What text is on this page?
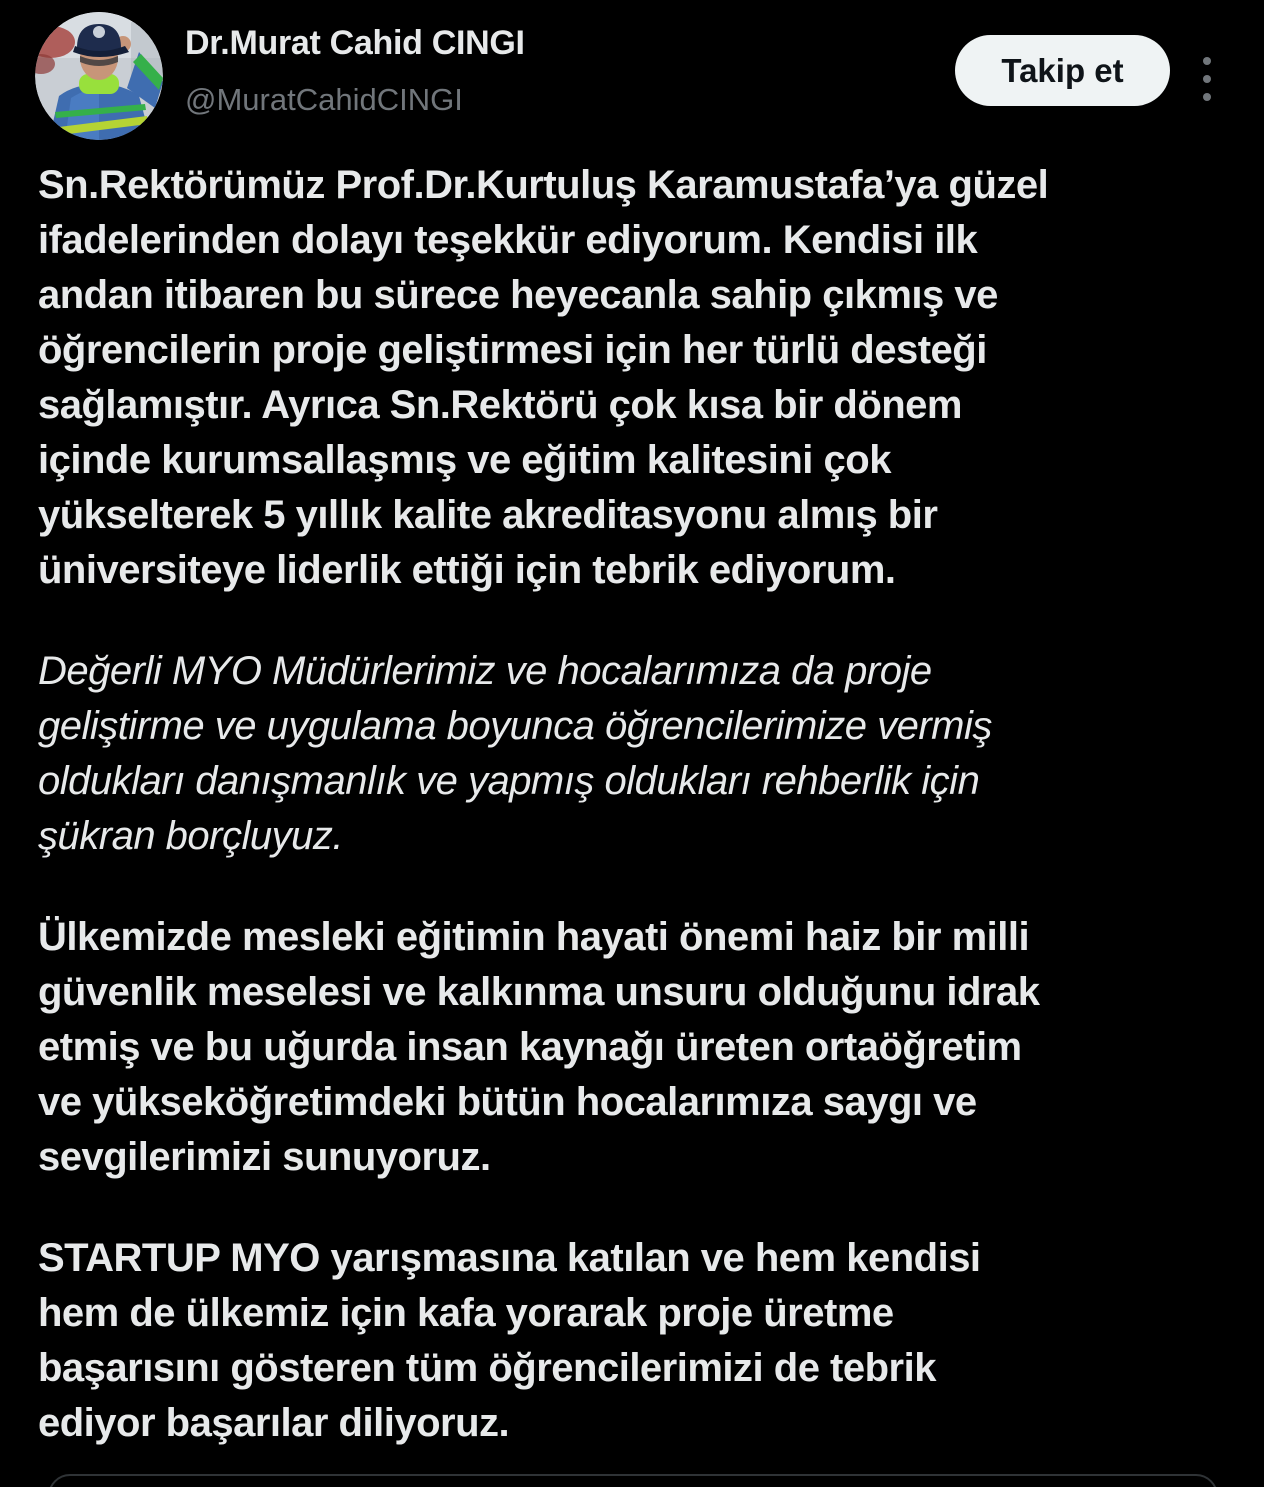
Dr.Murat Cahid CINGI
@MuratCahidCINGI
Takip et
Sn.Rektörümüz Prof.Dr.Kurtuluş Karamustafa’ya güzel
ifadelerinden dolayı teşekkür ediyorum. Kendisi ilk
andan itibaren bu sürece heyecanla sahip çıkmış ve
öğrencilerin proje geliştirmesi için her türlü desteği
sağlamıştır. Ayrıca Sn.Rektörü çok kısa bir dönem
içinde kurumsallaşmış ve eğitim kalitesini çok
yükselterek 5 yıllık kalite akreditasyonu almış bir
üniversiteye liderlik ettiği için tebrik ediyorum.
Değerli MYO Müdürlerimiz ve hocalarımıza da proje
geliştirme ve uygulama boyunca öğrencilerimize vermiş
oldukları danışmanlık ve yapmış oldukları rehberlik için
şükran borçluyuz.
Ülkemizde mesleki eğitimin hayati önemi haiz bir milli
güvenlik meselesi ve kalkınma unsuru olduğunu idrak
etmiş ve bu uğurda insan kaynağı üreten ortaöğretim
ve yükseköğretimdeki bütün hocalarımıza saygı ve
sevgilerimizi sunuyoruz.
STARTUP MYO yarışmasına katılan ve hem kendisi
hem de ülkemiz için kafa yorarak proje üretme
başarısını gösteren tüm öğrencilerimizi de tebrik
ediyor başarılar diliyoruz.
